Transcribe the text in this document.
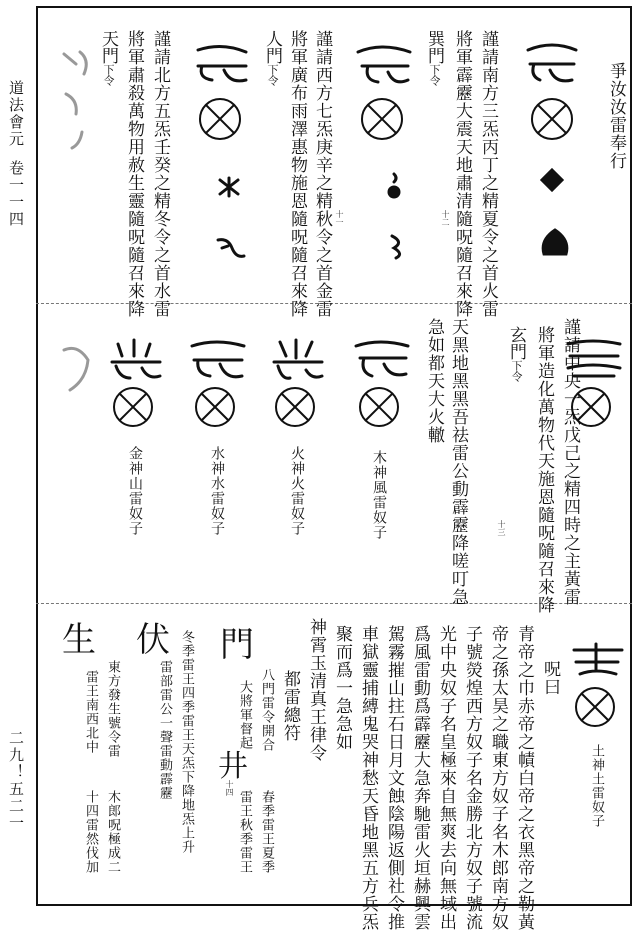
道法會元
卷一一四
二九！五二一
爭汝汝雷奉行
謹請南方三炁丙丁之精夏令之首火雷
將軍霹靂大震天地肅清隨呪隨召來降
巽門下令
十一
謹請西方七炁庚辛之精秋令之首金雷
將軍廣布雨澤惠物施恩隨呪隨召來降
人門下令
十二
謹請北方五炁壬癸之精冬令之首水雷
將軍肅殺萬物用赦生靈隨呪隨召來降
天門下令
謹請中央一炁戊己之精四時之主黃雷
將軍造化萬物代天施恩隨呪隨召來降
玄門下令
十三
天黑地黑黑吾祛雷公動霹靂降嗟叮急
急如都天大火轍
木神風雷奴子
火神火雷奴子
水神水雷奴子
金神山雷奴子
土神土雷奴子
呪曰
青帝之巾赤帝之幘白帝之衣黑帝之勒黃
帝之孫太昊之職東方奴子名木郎南方奴
子號熒煌西方奴子名金勝北方奴子號流
光中央奴子名皇極來自無爽去向無域出
爲風雷動爲霹靂大急奔馳雷火垣赫興雲
駕霧摧山拄石日月文蝕陰陽返側社令推
車獄靈捕縛鬼哭神愁天昏地黑五方兵炁
聚而爲一急急如
神霄玉清真王律令
都雷總符
八門雷令開合
春季雷王夏季
大將軍督起
雷王秋季雷王
十四
冬季雷王四季雷王天炁下降地炁上升
雷部雷公一聲雷動霹靂
東方發生號令雷
木郎呪極成二
雷王南西北中
十四雷然伐加
門
井
伏
生
